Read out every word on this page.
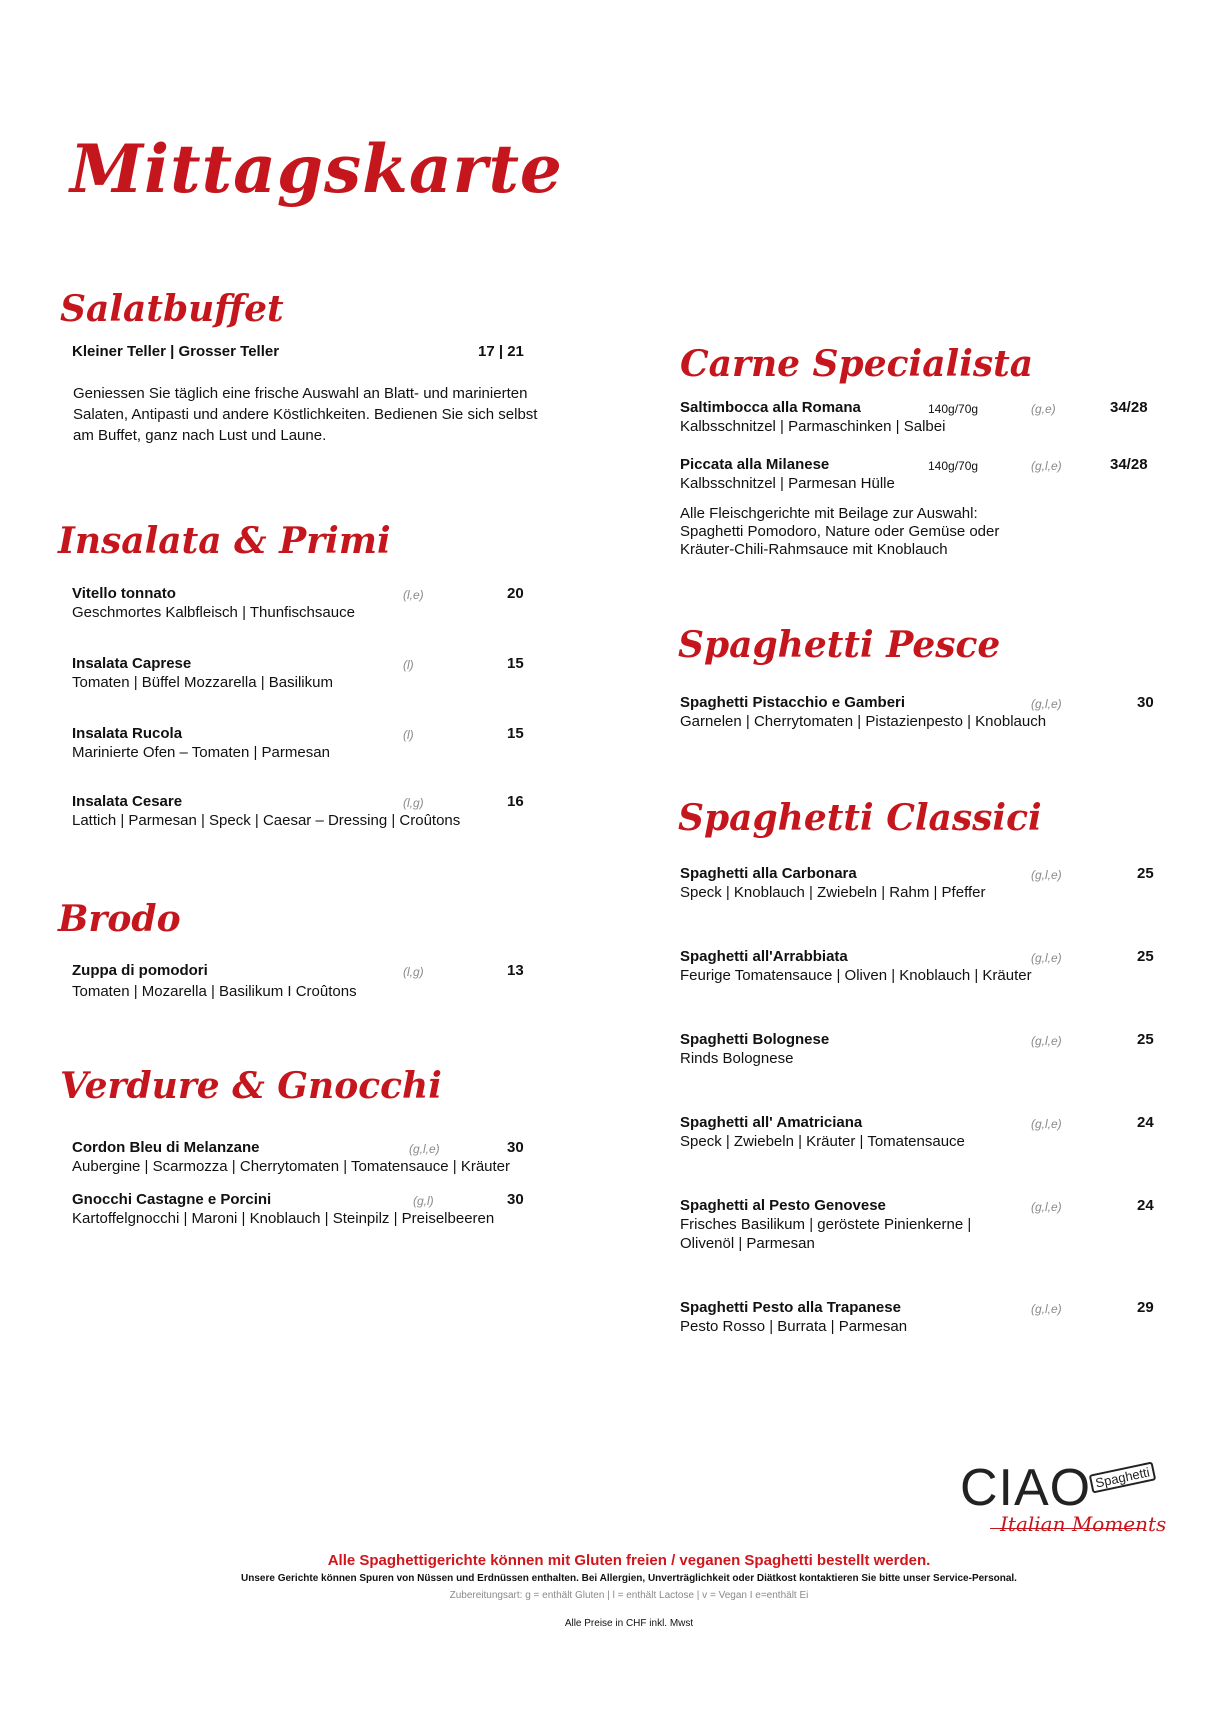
Mittagskarte
Salatbuffet
Kleiner Teller | Grosser Teller	17 | 21
Geniessen Sie täglich eine frische Auswahl an Blatt- und marinierten
Salaten, Antipasti und andere Köstlichkeiten. Bedienen Sie sich selbst
am Buffet, ganz nach Lust und Laune.
Insalata & Primi
Vitello tonnato	(l,e)	20
Geschmortes Kalbfleisch | Thunfischsauce
Insalata Caprese	(l)	15
Tomaten | Büffel Mozzarella | Basilikum
Insalata Rucola	(l)	15
Marinierte Ofen – Tomaten | Parmesan
Insalata Cesare	(l,g)	16
Lattich | Parmesan | Speck | Caesar – Dressing | Croûtons
Brodo
Zuppa di pomodori	(l,g)	13
Tomaten | Mozarella | Basilikum I Croûtons
Verdure & Gnocchi
Cordon Bleu di Melanzane	(g,l,e)	30
Aubergine | Scarmozza | Cherrytomaten | Tomatensauce | Kräuter
Gnocchi Castagne e Porcini	(g,l)	30
Kartoffelgnocchi | Maroni | Knoblauch | Steinpilz | Preiselbeeren
Carne Specialista
Saltimbocca alla Romana	140g/70g	(g,e)	34/28
Kalbsschnitzel | Parmaschinken | Salbei
Piccata alla Milanese	140g/70g	(g,l,e)	34/28
Kalbsschnitzel | Parmesan Hülle
Alle Fleischgerichte mit Beilage zur Auswahl:
Spaghetti Pomodoro, Nature oder Gemüse oder
Kräuter-Chili-Rahmsauce mit Knoblauch
Spaghetti Pesce
Spaghetti Pistacchio e Gamberi	(g,l,e)	30
Garnelen | Cherrytomaten | Pistazienpesto | Knoblauch
Spaghetti Classici
Spaghetti alla Carbonara	(g,l,e)	25
Speck | Knoblauch | Zwiebeln | Rahm | Pfeffer
Spaghetti all'Arrabbiata	(g,l,e)	25
Feurige Tomatensauce | Oliven | Knoblauch | Kräuter
Spaghetti Bolognese	(g,l,e)	25
Rinds Bolognese
Spaghetti all' Amatriciana	(g,l,e)	24
Speck | Zwiebeln | Kräuter | Tomatensauce
Spaghetti al Pesto Genovese	(g,l,e)	24
Frisches Basilikum | geröstete Pinienkerne |
Olivenöl | Parmesan
Spaghetti Pesto alla Trapanese	(g,l,e)	29
Pesto Rosso | Burrata | Parmesan
CIAO Spaghetti
Italian Moments
Alle Spaghettigerichte können mit Gluten freien / veganen Spaghetti bestellt werden.
Unsere Gerichte können Spuren von Nüssen und Erdnüssen enthalten. Bei Allergien, Unverträglichkeit oder Diätkost kontaktieren Sie bitte unser Service-Personal.
Zubereitungsart: g = enthält Gluten | l = enthält Lactose | v = Vegan I e=enthält Ei
Alle Preise in CHF inkl. Mwst
